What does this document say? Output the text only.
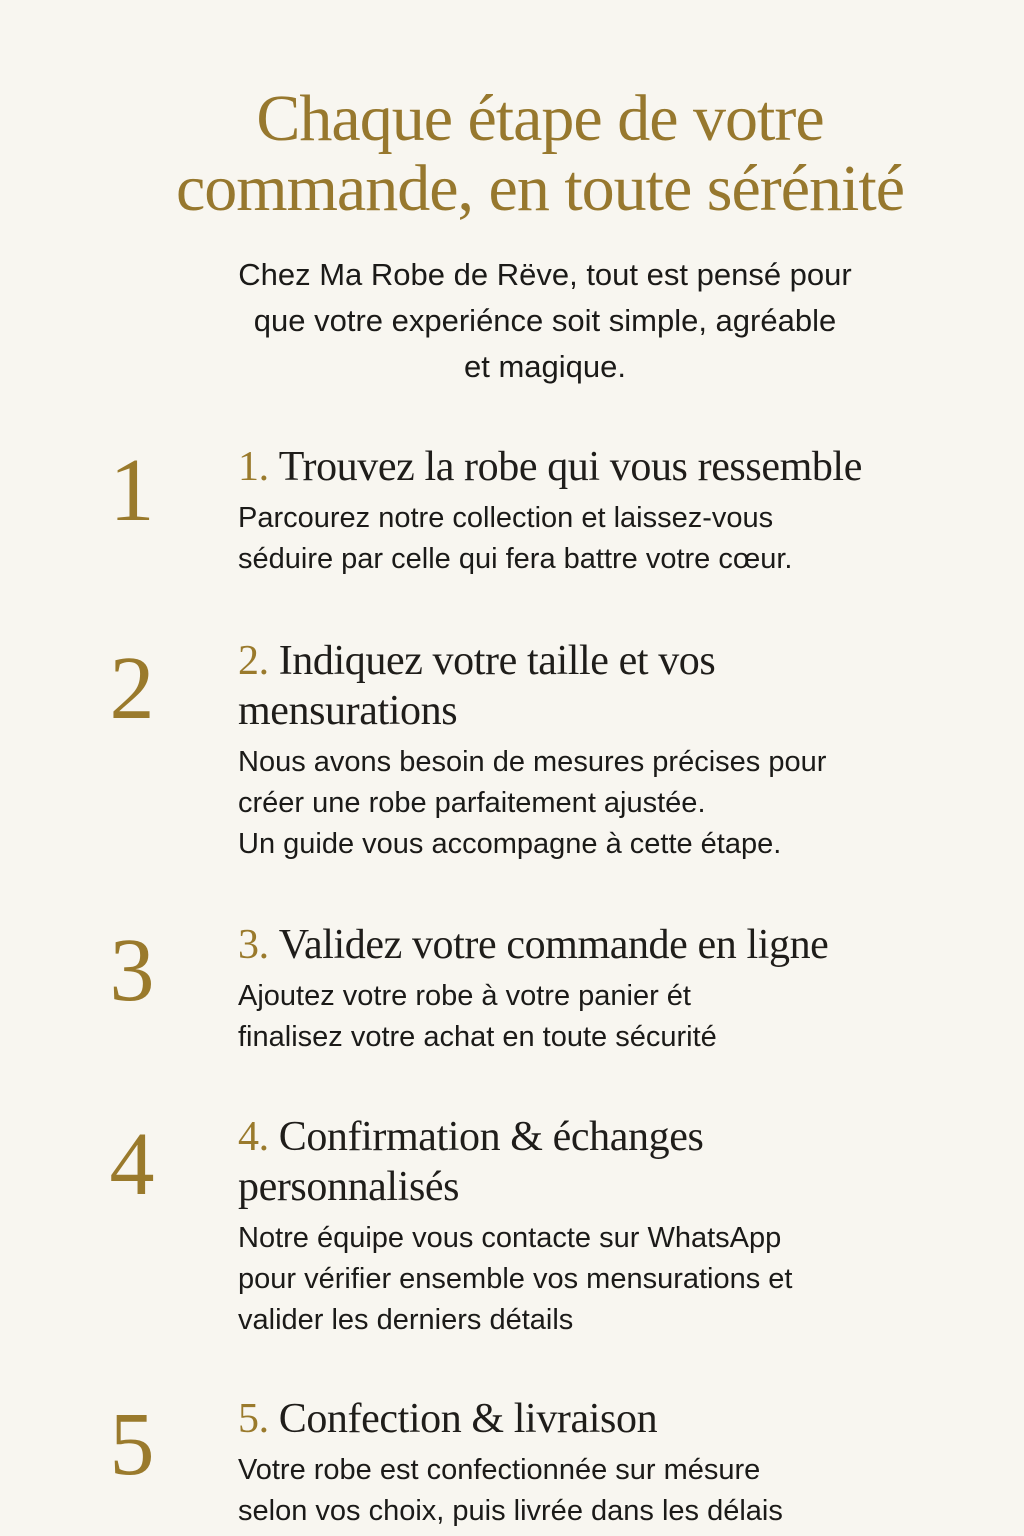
Chaque étape de votre
commande, en toute sérénité

Chez Ma Robe de Rëve, tout est pensé pour
que votre experiénce soit simple, agréable
et magique.

1	1. Trouvez la robe qui vous ressemble

Parcourez notre collection et laissez-vous
séduire par celle qui fera battre votre cœur.

2	2. Indiquez votre taille et vos
mensurations

Nous avons besoin de mesures précises pour
créer une robe parfaitement ajustée.
Un guide vous accompagne à cette étape.

3	3. Validez votre commande en ligne

Ajoutez votre robe à votre panier ét
finalisez votre achat en toute sécurité

4	4. Confirmation & échanges
personnalisés

Notre équipe vous contacte sur WhatsApp
pour vérifier ensemble vos mensurations et
valider les derniers détails

5	5. Confection & livraison

Votre robe est confectionnée sur mésure
selon vos choix, puis livrée dans les délais
